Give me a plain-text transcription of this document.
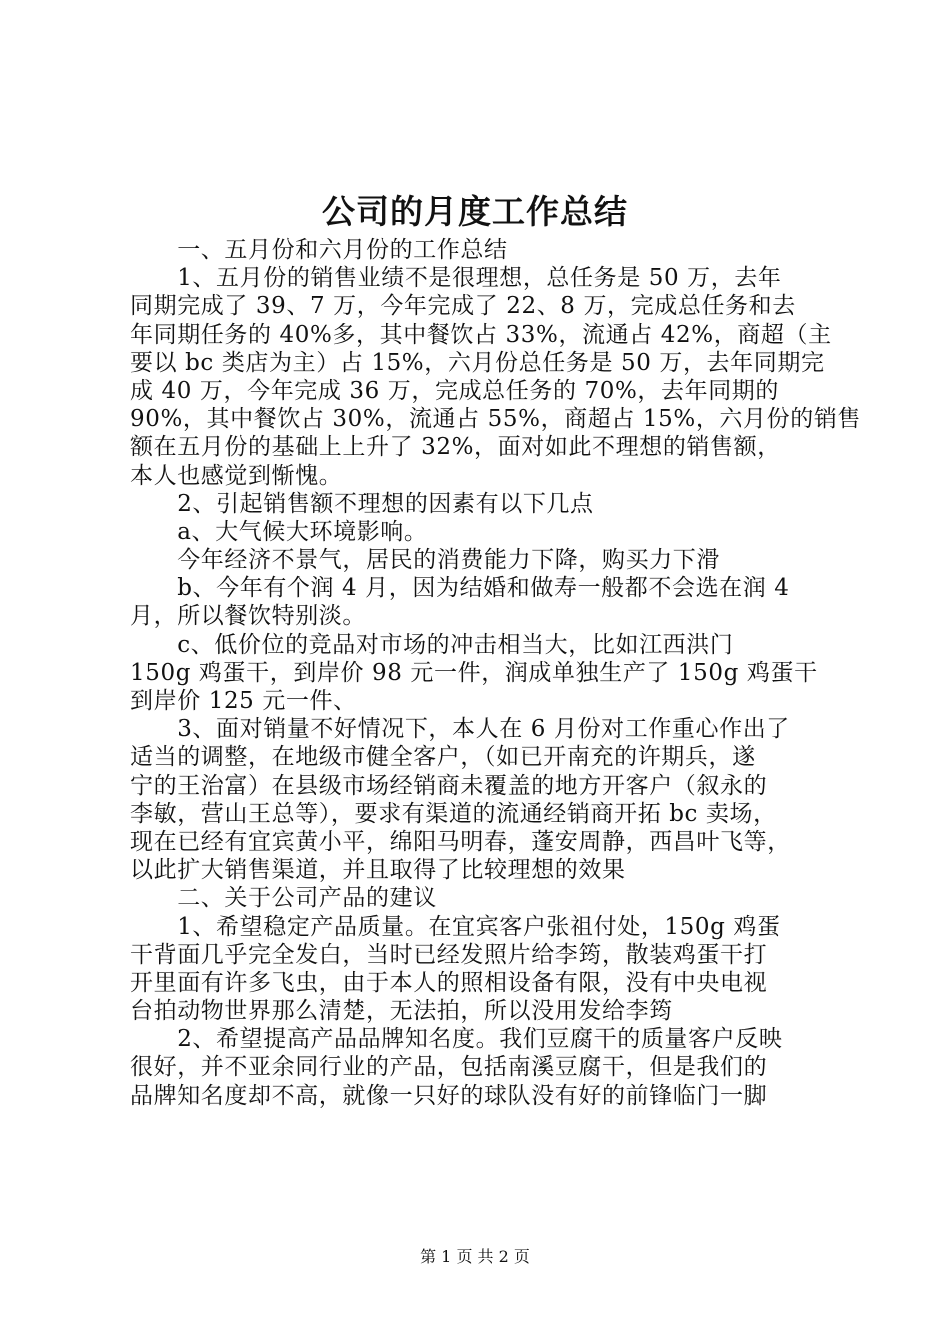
公司的月度工作总结
　　一、五月份和六月份的工作总结
　　1、五月份的销售业绩不是很理想，总任务是 50 万，去年
同期完成了 39、7 万，今年完成了 22、8 万，完成总任务和去
年同期任务的 40%多，其中餐饮占 33%，流通占 42%，商超（主
要以 bc 类店为主）占 15%，六月份总任务是 50 万，去年同期完
成 40 万，今年完成 36 万，完成总任务的 70%，去年同期的
90%，其中餐饮占 30%，流通占 55%，商超占 15%，六月份的销售
额在五月份的基础上上升了 32%，面对如此不理想的销售额，
本人也感觉到惭愧。
　　2、引起销售额不理想的因素有以下几点
　　a、大气候大环境影响。
　　今年经济不景气，居民的消费能力下降，购买力下滑
　　b、今年有个润 4 月，因为结婚和做寿一般都不会选在润 4
月，所以餐饮特别淡。
　　c、低价位的竞品对市场的冲击相当大，比如江西洪门
150g 鸡蛋干，到岸价 98 元一件，润成单独生产了 150g 鸡蛋干
到岸价 125 元一件、
　　3、面对销量不好情况下，本人在 6 月份对工作重心作出了
适当的调整，在地级市健全客户，（如已开南充的许期兵，遂
宁的王治富）在县级市场经销商未覆盖的地方开客户（叙永的
李敏，营山王总等），要求有渠道的流通经销商开拓 bc 卖场，
现在已经有宜宾黄小平，绵阳马明春，蓬安周静，西昌叶飞等，
以此扩大销售渠道，并且取得了比较理想的效果
　　二、关于公司产品的建议
　　1、希望稳定产品质量。在宜宾客户张祖付处，150g 鸡蛋
干背面几乎完全发白，当时已经发照片给李筠，散装鸡蛋干打
开里面有许多飞虫，由于本人的照相设备有限，没有中央电视
台拍动物世界那么清楚，无法拍，所以没用发给李筠
　　2、希望提高产品品牌知名度。我们豆腐干的质量客户反映
很好，并不亚余同行业的产品，包括南溪豆腐干，但是我们的
品牌知名度却不高，就像一只好的球队没有好的前锋临门一脚
第 1 页 共 2 页
